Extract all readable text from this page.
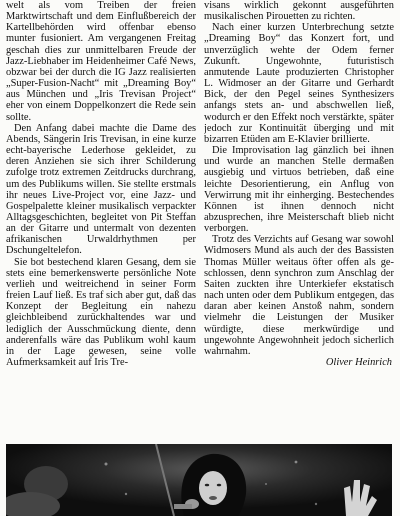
welt als vom Treiben der freien Marktwirtschaft und dem Einflußbereich der Kartellbehörden wird offenbar ebenso munter fusioniert. Am vergangenen Freitag geschah dies zur unmittelbaren Freude der Jazz-Liebhaber im Heidenheimer Café News, obzwar bei der durch die IG Jazz realisierten „Super-Fusion-Nacht“ mit „Dreaming Boy“ aus München und „Iris Trevisan Project“ eher von einem Doppelkonzert die Rede sein sollte.

Den Anfang dabei machte die Dame des Abends, Sängerin Iris Trevisan, in eine kurze echt-bayerische Lederhose gekleidet, zu deren Anziehen sie sich ihrer Schilderung zufolge trotz extremen Zeitdrucks durchrang, um des Publikums willen. Sie stellte erstmals ihr neues Live-Project vor, eine Jazz- und Gospelpalette kleiner musikalisch verpackter Alltagsgeschichten, begleitet von Pit Steffan an der Gitarre und untermalt von dezenten afrikanischen Urwaldrhythmen per Dschungeltelefon.

Sie bot bestechend klaren Gesang, dem sie stets eine bemerkenswerte persönliche Note verlieh und weitreichend in seiner Form freien Lauf ließ. Es traf sich aber gut, daß das Konzept der Begleitung ein nahezu gleichbleibend zurückhaltendes war und lediglich der Ausschmückung diente, denn anderenfalls wäre das Publikum wohl kaum in der Lage gewesen, seine volle Aufmerksamkeit auf Iris Tre-

visans wirklich gekonnt ausgeführten musikalischen Pirouetten zu richten.

Nach einer kurzen Unterbrechung setzte „Dreaming Boy“ das Konzert fort, und unverzüglich wehte der Odem ferner Zukunft. Ungewohnte, futuristisch anmutende Laute produzierten Christopher L. Widmoser an der Gitarre und Gerhardt Bick, der den Pegel seines Synthesizers anfangs stets an- und abschwellen ließ, wodurch er den Effekt noch verstärkte, später jedoch zur Kontinuität überging und mit bizarren Etüden am E-Klavier brillierte.

Die Improvisation lag gänzlich bei ihnen und wurde an manchen Stelle dermaßen ausgiebig und virtuos betrieben, daß eine leichte Desorientierung, ein Anflug von Verwirrung mit ihr einherging. Bestechendes Können ist ihnen dennoch nicht abzusprechen, ihre Meisterschaft blieb nicht verborgen.

Trotz des Verzichts auf Gesang war sowohl Widmosers Mund als auch der des Bassisten Thomas Müller weitaus öfter offen als geschlossen, denn synchron zum Anschlag der Saiten zuckten ihre Unterkiefer ekstatisch nach unten oder dem Publikum entgegen, das daran aber keinen Anstoß nahm, sondern vielmehr die Leistungen der Musiker würdigte, diese merkwürdige und ungewohnte Angewohnheit jedoch sicherlich wahrnahm.

Oliver Heinrich
